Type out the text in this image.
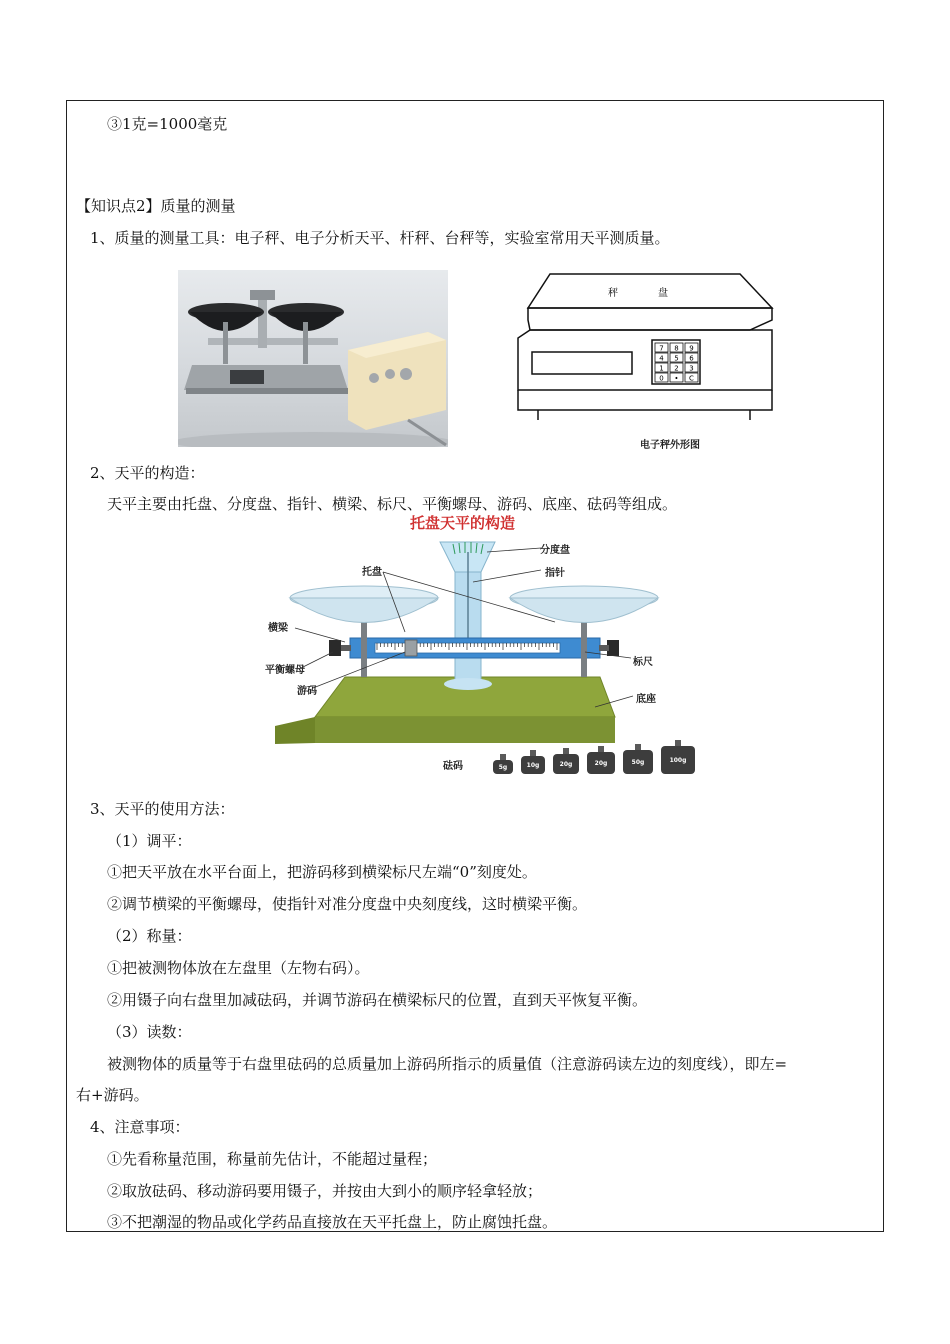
③1克=1000毫克
【知识点2】质量的测量
1、质量的测量工具：电子秤、电子分析天平、杆秤、台秤等，实验室常用天平测质量。
秤	盘
7 8 9
4 5 6
1 2 3
0 • C
电子秤外形图
2、天平的构造：
天平主要由托盘、分度盘、指针、横梁、标尺、平衡螺母、游码、底座、砝码等组成。
5g	10g	20g	20g	50g	100g
托盘天平的构造
分度盘
指针
托盘
横梁
平衡螺母
游码
标尺
底座
砝码
3、天平的使用方法：
（1）调平：
①把天平放在水平台面上，把游码移到横梁标尺左端“0”刻度处。
②调节横梁的平衡螺母，使指针对准分度盘中央刻度线，这时横梁平衡。
（2）称量：
①把被测物体放在左盘里（左物右码）。
②用镊子向右盘里加减砝码，并调节游码在横梁标尺的位置，直到天平恢复平衡。
（3）读数：
被测物体的质量等于右盘里砝码的总质量加上游码所指示的质量值（注意游码读左边的刻度线），即左=
右+游码。
4、注意事项：
①先看称量范围，称量前先估计，不能超过量程；
②取放砝码、移动游码要用镊子，并按由大到小的顺序轻拿轻放；
③不把潮湿的物品或化学药品直接放在天平托盘上，防止腐蚀托盘。
